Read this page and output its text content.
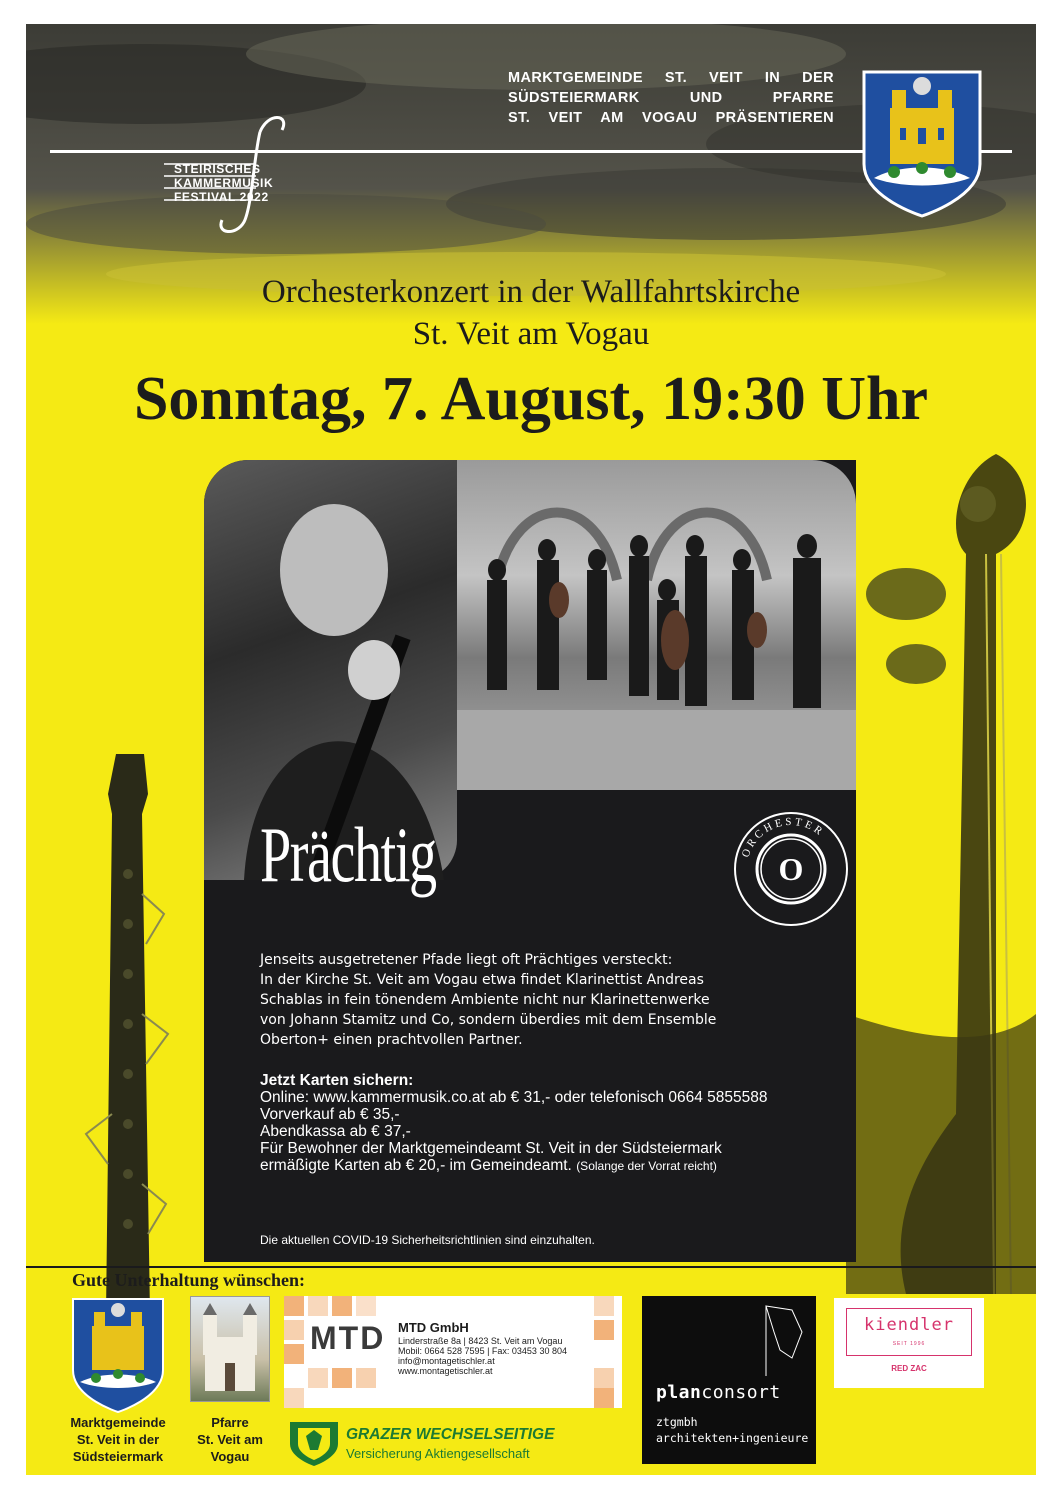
MARKTGEMEINDE ST. VEIT IN DER
SÜDSTEIERMARK UND PFARRE
ST. VEIT AM VOGAU PRÄSENTIEREN
STEIRISCHES
KAMMERMUSIK
FESTIVAL 2022
Orchesterkonzert in der Wallfahrtskirche
St. Veit am Vogau
Sonntag, 7. August, 19:30 Uhr
Prächtig	ORCHESTER
O
Jenseits ausgetretener Pfade liegt oft Prächtiges versteckt:
In der Kirche St. Veit am Vogau etwa findet Klarinettist Andreas
Schablas in fein tönendem Ambiente nicht nur Klarinettenwerke
von Johann Stamitz und Co, sondern überdies mit dem Ensemble
Oberton+ einen prachtvollen Partner.
Jetzt Karten sichern:
Online: www.kammermusik.co.at ab € 31,- oder telefonisch 0664 5855588
Vorverkauf ab € 35,-
Abendkassa ab € 37,-
Für Bewohner der Marktgemeindeamt St. Veit in der Südsteiermark
ermäßigte Karten ab € 20,- im Gemeindeamt. (Solange der Vorrat reicht)
Die aktuellen COVID-19 Sicherheitsrichtlinien sind einzuhalten.
Gute Unterhaltung wünschen:
Marktgemeinde
St. Veit in der
Südsteiermark
Pfarre
St. Veit am
Vogau
MTD MTD GmbH
Linderstraße 8a | 8423 St. Veit am Vogau
Mobil: 0664 528 7595 | Fax: 03453 30 804
info@montagetischler.at
www.montagetischler.at
GRAZER WECHSELSEITIGE
Versicherung Aktiengesellschaft
planconsort
ztgmbh
architekten+ingenieure
kiendler
SEIT 1996
RED ZAC
